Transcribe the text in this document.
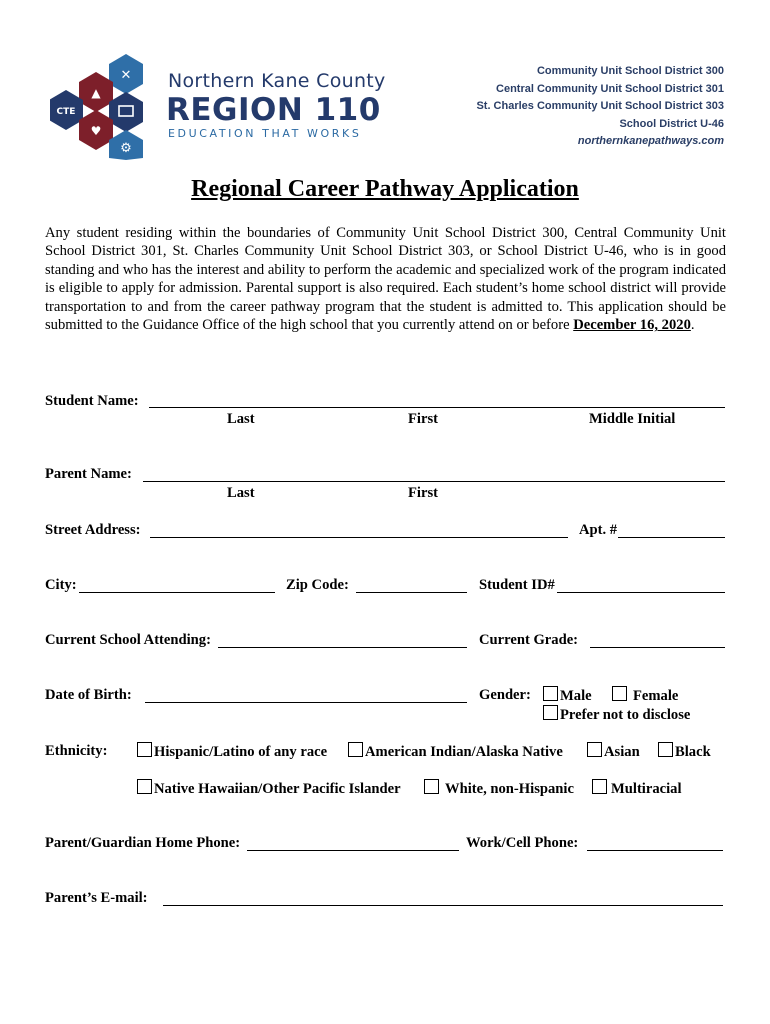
✕
▲
CTE
♥
⚙
Northern Kane County
REGION 110
EDUCATION THAT WORKS
Community Unit School District 300
Central Community Unit School District 301
St. Charles Community Unit School District 303
School District U-46
northernkanepathways.com
Regional Career Pathway Application
Any student residing within the boundaries of Community Unit School District 300, Central Community Unit School District 301, St. Charles Community Unit School District 303, or School District U-46, who is in good standing and who has the interest and ability to perform the academic and specialized work of the program indicated is eligible to apply for admission. Parental support is also required. Each student’s home school district will provide transportation to and from the career pathway program that the student is admitted to. This application should be submitted to the Guidance Office of the high school that you currently attend on or before December 16, 2020.
Student Name:
Last	First	Middle Initial
Parent Name:
Last	First
Street Address:	Apt. #
City:	Zip Code:	Student ID#
Current School Attending:	Current Grade:
Date of Birth:	Gender:	Male	Female
Prefer not to disclose
Ethnicity:	Hispanic/Latino of any race	American Indian/Alaska Native	Asian	Black
Native Hawaiian/Other Pacific Islander	White, non-Hispanic	Multiracial
Parent/Guardian Home Phone:	Work/Cell Phone:
Parent’s E-mail:
